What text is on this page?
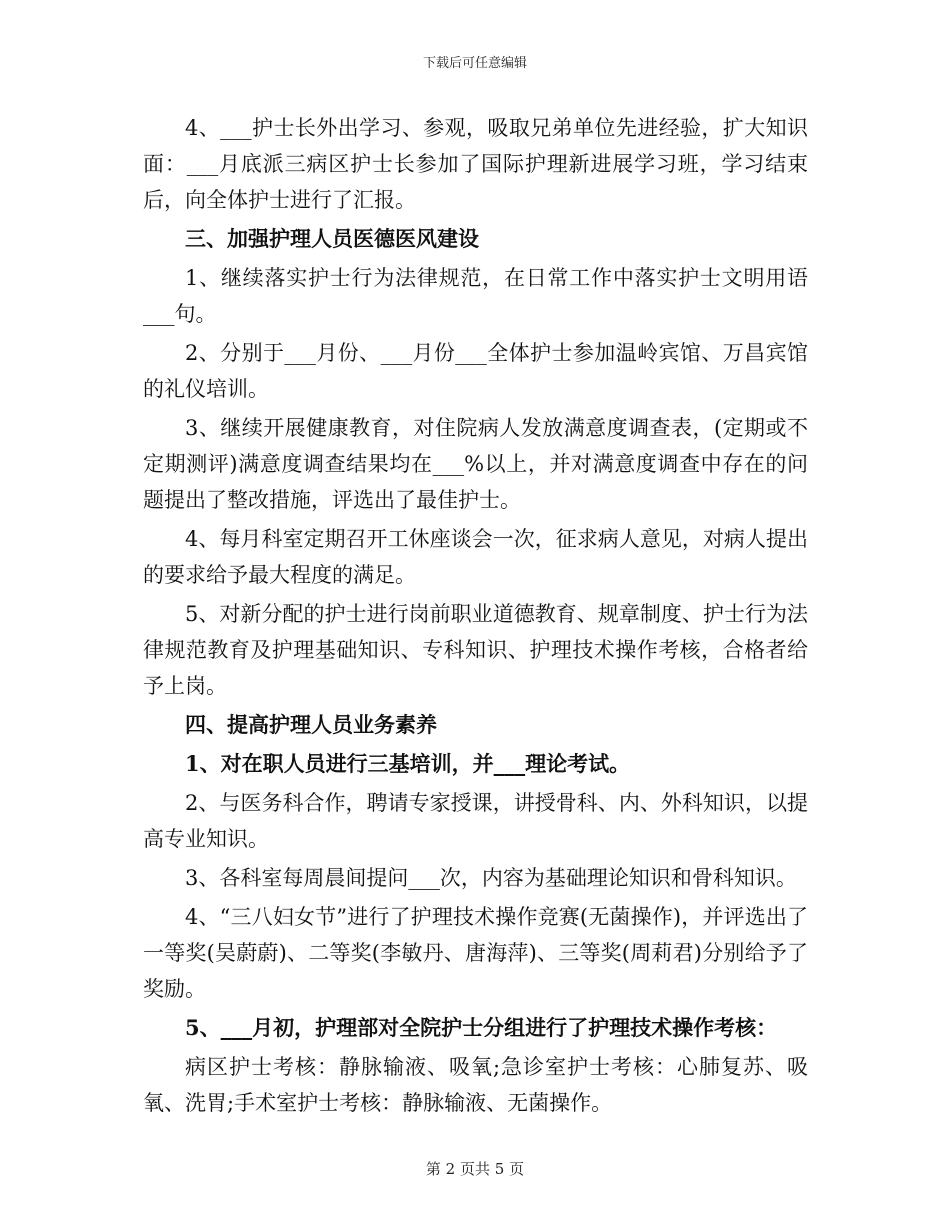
下载后可任意编辑

4、___护士长外出学习、参观，吸取兄弟单位先进经验，扩大知识面：___月底派三病区护士长参加了国际护理新进展学习班，学习结束后，向全体护士进行了汇报。

三、加强护理人员医德医风建设

1、继续落实护士行为法律规范，在日常工作中落实护士文明用语___句。

2、分别于___月份、___月份___全体护士参加温岭宾馆、万昌宾馆的礼仪培训。

3、继续开展健康教育，对住院病人发放满意度调查表，(定期或不定期测评)满意度调查结果均在___%以上，并对满意度调查中存在的问题提出了整改措施，评选出了最佳护士。

4、每月科室定期召开工休座谈会一次，征求病人意见，对病人提出的要求给予最大程度的满足。

5、对新分配的护士进行岗前职业道德教育、规章制度、护士行为法律规范教育及护理基础知识、专科知识、护理技术操作考核，合格者给予上岗。

四、提高护理人员业务素养

1、对在职人员进行三基培训，并___理论考试。

2、与医务科合作，聘请专家授课，讲授骨科、内、外科知识，以提高专业知识。

3、各科室每周晨间提问___次，内容为基础理论知识和骨科知识。

4、“三八妇女节”进行了护理技术操作竞赛(无菌操作)，并评选出了一等奖(吴蔚蔚)、二等奖(李敏丹、唐海萍)、三等奖(周莉君)分别给予了奖励。

5、___月初，护理部对全院护士分组进行了护理技术操作考核：

病区护士考核：静脉输液、吸氧;急诊室护士考核：心肺复苏、吸氧、洗胃;手术室护士考核：静脉输液、无菌操作。

第 2 页共 5 页
